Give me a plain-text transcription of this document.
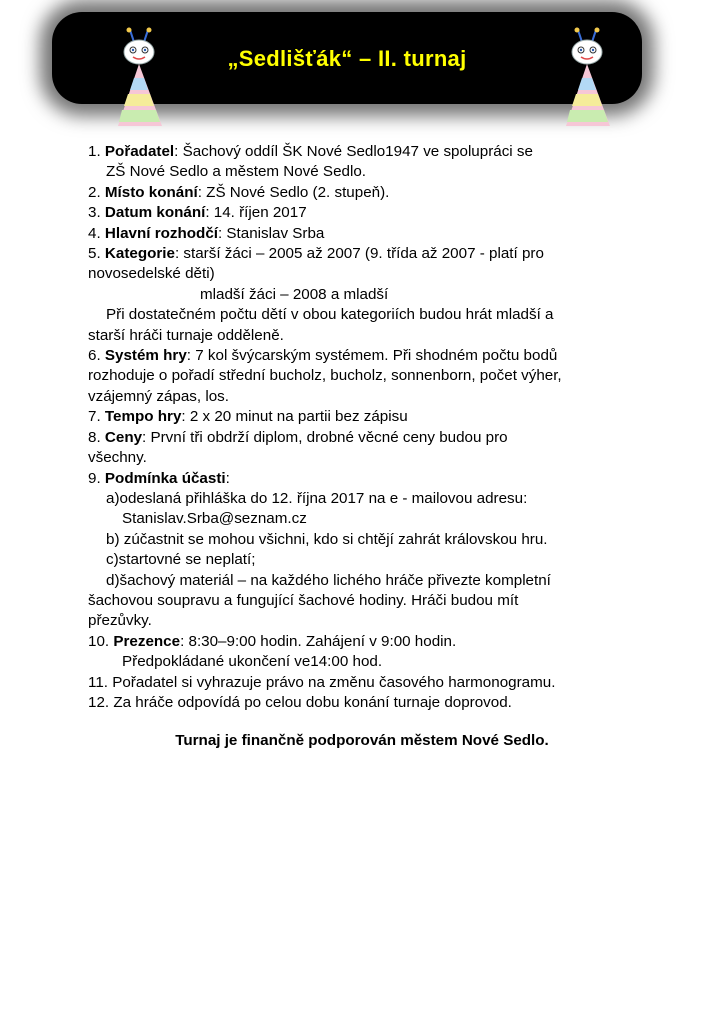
„Sedlišťák“ – II. turnaj
1. Pořadatel: Šachový oddíl ŠK Nové Sedlo1947 ve spolupráci se
ZŠ Nové Sedlo a městem Nové Sedlo.
2. Místo konání: ZŠ Nové Sedlo (2. stupeň).
3. Datum konání: 14. říjen 2017
4. Hlavní rozhodčí: Stanislav Srba
5. Kategorie: starší žáci – 2005 až 2007 (9. třída až 2007 - platí pro
novosedelské děti)
mladší žáci – 2008 a mladší
Při dostatečném počtu dětí v obou kategoriích budou hrát mladší a
starší hráči turnaje odděleně.
6. Systém hry: 7 kol švýcarským systémem. Při shodném počtu bodů
rozhoduje o pořadí střední bucholz, bucholz, sonnenborn, počet výher,
vzájemný zápas, los.
7. Tempo hry: 2 x 20 minut na partii bez zápisu
8. Ceny: První tři obdrží diplom, drobné věcné ceny budou pro
všechny.
9. Podmínka účasti:
a)odeslaná přihláška do 12. října 2017 na e - mailovou adresu:
Stanislav.Srba@seznam.cz
b) zúčastnit se mohou všichni, kdo si chtějí zahrát královskou hru.
c)startovné se neplatí;
d)šachový materiál – na každého lichého hráče přivezte kompletní
šachovou soupravu a fungující šachové hodiny. Hráči budou mít
přezůvky.
10. Prezence: 8:30–9:00 hodin. Zahájení v 9:00 hodin.
Předpokládané ukončení ve14:00 hod.
11. Pořadatel si vyhrazuje právo na změnu časového harmonogramu.
12. Za hráče odpovídá po celou dobu konání turnaje doprovod.
Turnaj je finančně podporován městem Nové Sedlo.
